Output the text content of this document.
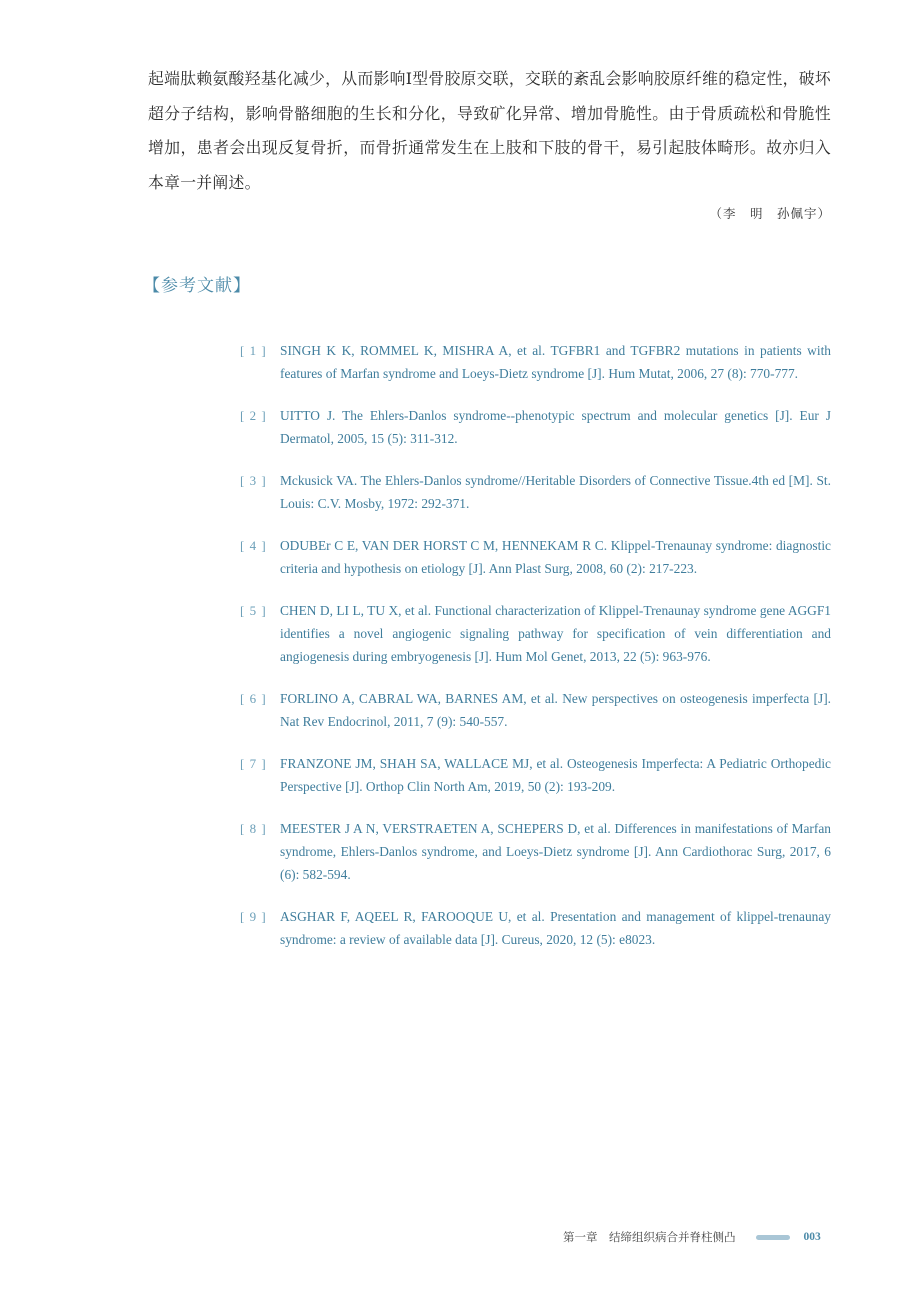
起端肽赖氨酸羟基化减少，从而影响Ⅰ型骨胶原交联，交联的紊乱会影响胶原纤维的稳定性，破坏超分子结构，影响骨骼细胞的生长和分化，导致矿化异常、增加骨脆性。由于骨质疏松和骨脆性增加，患者会出现反复骨折，而骨折通常发生在上肢和下肢的骨干，易引起肢体畸形。故亦归入本章一并阐述。

（李　明　孙佩宇）
【参考文献】
[ 1 ] SINGH K K, ROMMEL K, MISHRA A, et al. TGFBR1 and TGFBR2 mutations in patients with features of Marfan syndrome and Loeys-Dietz syndrome [J]. Hum Mutat, 2006, 27 (8): 770-777.
[ 2 ] UITTO J. The Ehlers-Danlos syndrome--phenotypic spectrum and molecular genetics [J]. Eur J Dermatol, 2005, 15 (5): 311-312.
[ 3 ] Mckusick VA. The Ehlers-Danlos syndrome//Heritable Disorders of Connective Tissue.4th ed [M]. St. Louis: C.V. Mosby, 1972: 292-371.
[ 4 ] ODUBEr C E, VAN DER HORST C M, HENNEKAM R C. Klippel-Trenaunay syndrome: diagnostic criteria and hypothesis on etiology [J]. Ann Plast Surg, 2008, 60 (2): 217-223.
[ 5 ] CHEN D, LI L, TU X, et al. Functional characterization of Klippel-Trenaunay syndrome gene AGGF1 identifies a novel angiogenic signaling pathway for specification of vein differentiation and angiogenesis during embryogenesis [J]. Hum Mol Genet, 2013, 22 (5): 963-976.
[ 6 ] FORLINO A, CABRAL WA, BARNES AM, et al. New perspectives on osteogenesis imperfecta [J]. Nat Rev Endocrinol, 2011, 7 (9): 540-557.
[ 7 ] FRANZONE JM, SHAH SA, WALLACE MJ, et al. Osteogenesis Imperfecta: A Pediatric Orthopedic Perspective [J]. Orthop Clin North Am, 2019, 50 (2): 193-209.
[ 8 ] MEESTER J A N, VERSTRAETEN A, SCHEPERS D, et al. Differences in manifestations of Marfan syndrome, Ehlers-Danlos syndrome, and Loeys-Dietz syndrome [J]. Ann Cardiothorac Surg, 2017, 6 (6): 582-594.
[ 9 ] ASGHAR F, AQEEL R, FAROOQUE U, et al. Presentation and management of klippel-trenaunay syndrome: a review of available data [J]. Cureus, 2020, 12 (5): e8023.
第一章　结缔组织病合并脊柱侧凸	003
